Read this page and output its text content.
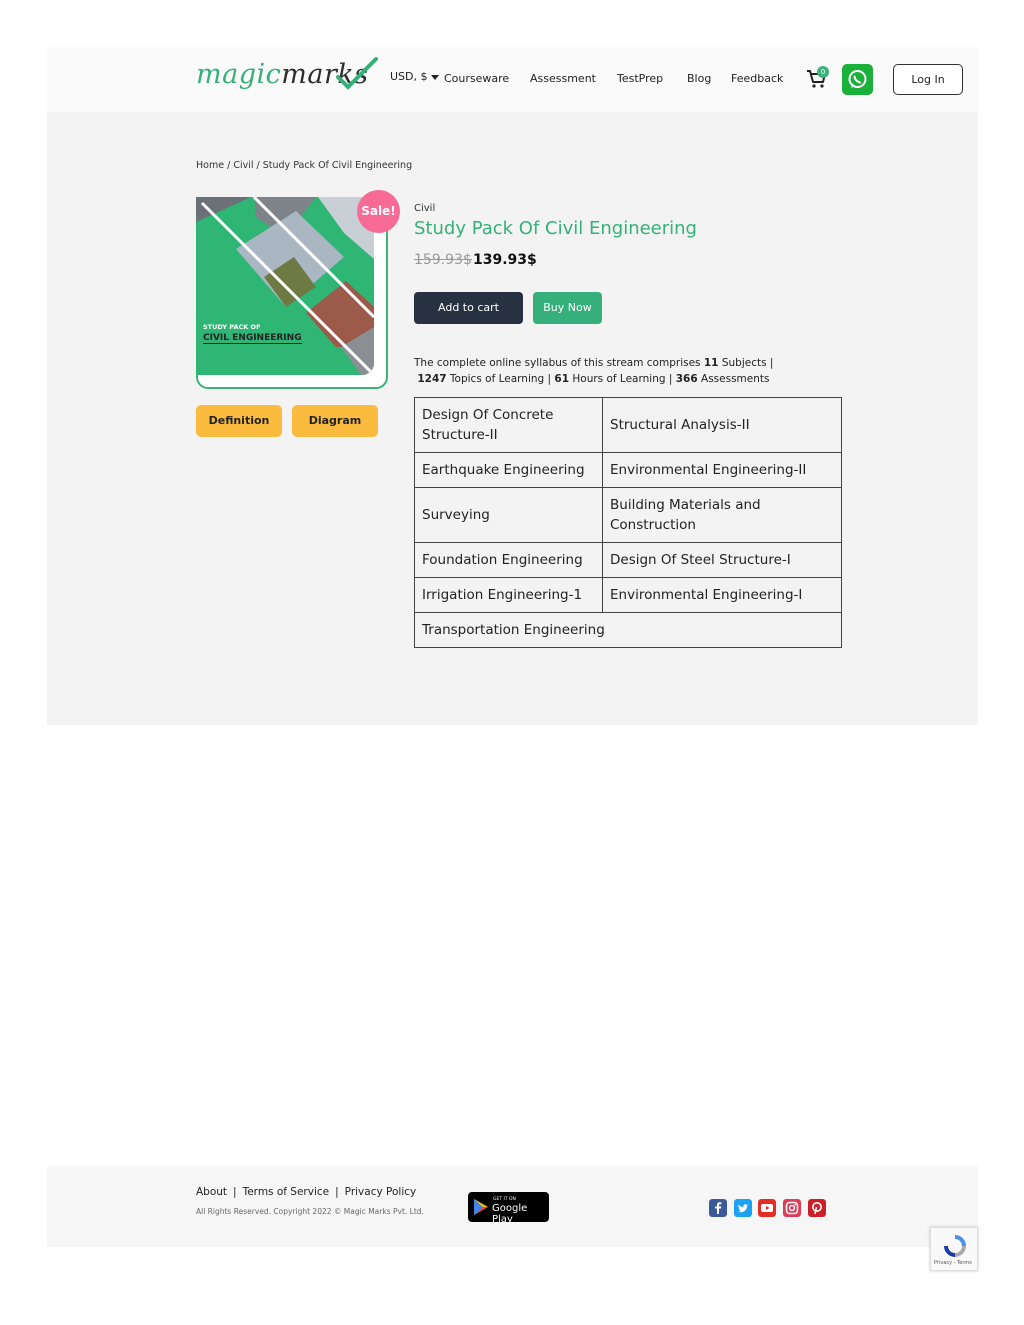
magicmarks USD, $	Courseware Assessment TestPrep Blog Feedback	0
Log In
Home / Civil / Study Pack Of Civil Engineering
STUDY PACK OF
CIVIL ENGINEERING
Sale!
Definition	Diagram
Civil
Study Pack Of Civil Engineering
159.93$ 139.93$
Add to cart	Buy Now
The complete online syllabus of this stream comprises 11 Subjects |
1247 Topics of Learning | 61 Hours of Learning | 366 Assessments
Design Of Concrete Structure-II	Structural Analysis-II
Earthquake Engineering	Environmental Engineering-II
Surveying	Building Materials and Construction
Foundation Engineering	Design Of Steel Structure-I
Irrigation Engineering-1	Environmental Engineering-I
Transportation Engineering	
About | Terms of Service | Privacy Policy
All Rights Reserved. Copyright 2022 © Magic Marks Pvt. Ltd.
GET IT ON
Google Play
Privacy - Terms
